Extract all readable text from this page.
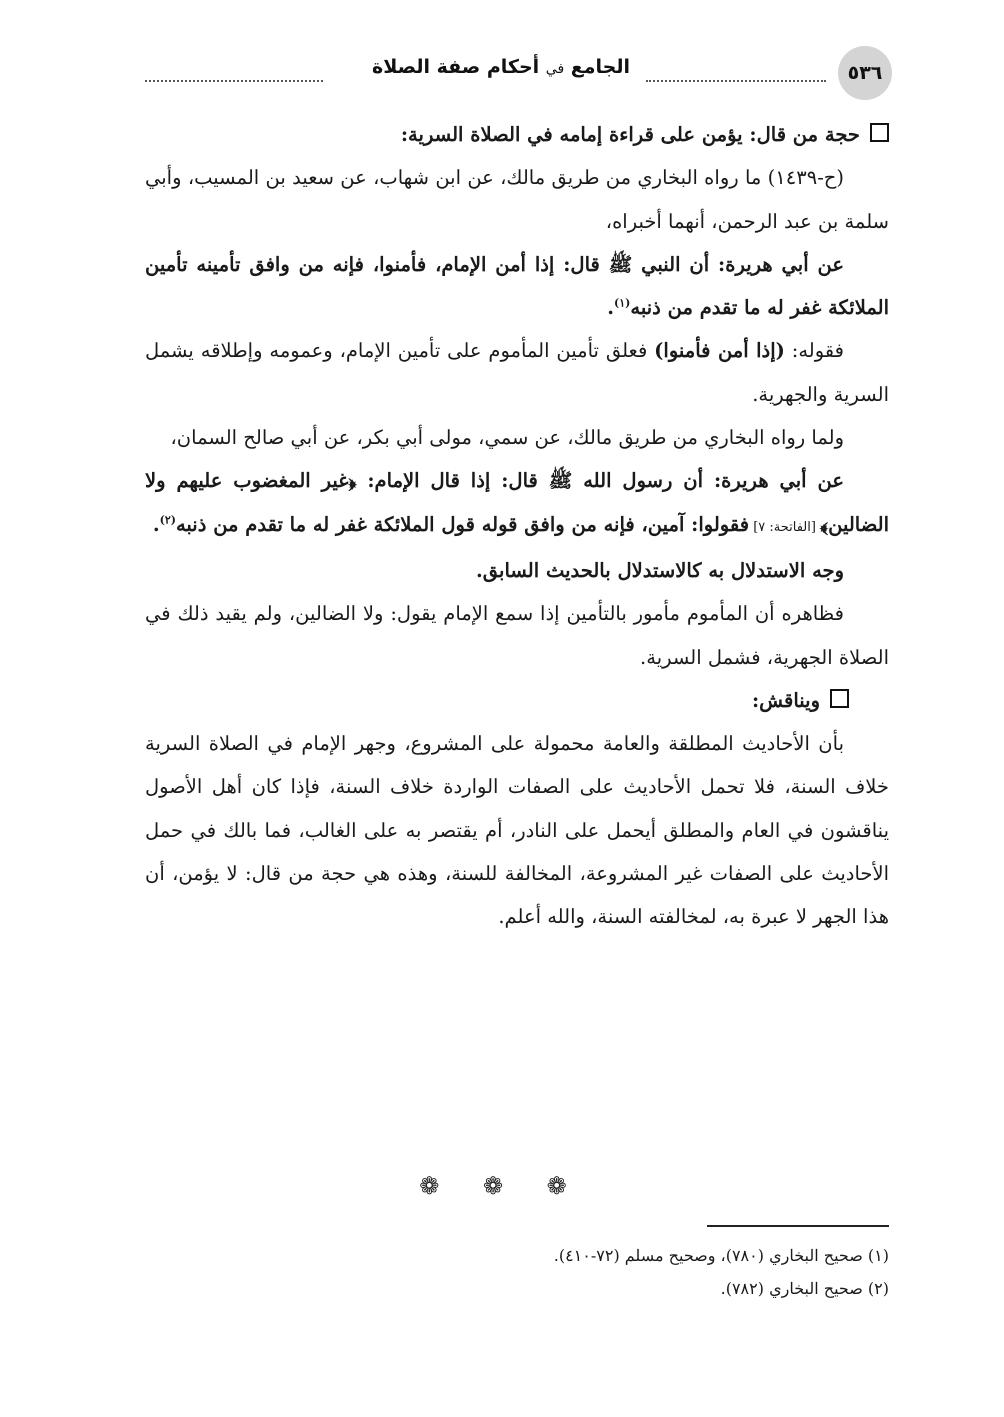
٥٣٦
الجامع ﻓﻲ أحكام صفة الصلاة

حجة من قال: يؤمن على قراءة إمامه في الصلاة السرية:

(ح-١٤٣٩) ما رواه البخاري من طريق مالك، عن ابن شهاب، عن سعيد بن المسيب، وأبي سلمة بن عبد الرحمن، أنهما أخبراه،

عن أبي هريرة: أن النبي ﷺ قال: إذا أمن الإمام، فأمنوا، فإنه من وافق تأمينه تأمين الملائكة غفر له ما تقدم من ذنبه$^{(١)}$.

فقوله: (إذا أمن فأمنوا) فعلق تأمين المأموم على تأمين الإمام، وعمومه وإطلاقه يشمل السرية والجهرية.

ولما رواه البخاري من طريق مالك، عن سمي، مولى أبي بكر، عن أبي صالح السمان،

عن أبي هريرة: أن رسول الله ﷺ قال: إذا قال الإمام: ﴿غير المغضوب عليهم ولا الضالين﴾ [الفاتحة: ٧] فقولوا: آمين، فإنه من وافق قوله قول الملائكة غفر له ما تقدم من ذنبه$^{(٢)}$.

وجه الاستدلال به كالاستدلال بالحديث السابق.

فظاهره أن المأموم مأمور بالتأمين إذا سمع الإمام يقول: ولا الضالين، ولم يقيد ذلك في الصلاة الجهرية، فشمل السرية.

ويناقش:

بأن الأحاديث المطلقة والعامة محمولة على المشروع، وجهر الإمام في الصلاة السرية خلاف السنة، فلا تحمل الأحاديث على الصفات الواردة خلاف السنة، فإذا كان أهل الأصول يناقشون في العام والمطلق أيحمل على النادر، أم يقتصر به على الغالب، فما بالك في حمل الأحاديث على الصفات غير المشروعة، المخالفة للسنة، وهذه هي حجة من قال: لا يؤمن، أن هذا الجهر لا عبرة به، لمخالفته السنة، والله أعلم.

❁ ❁ ❁

(١) صحيح البخاري (٧٨٠)، وصحيح مسلم (٧٢-٤١٠).

(٢) صحيح البخاري (٧٨٢).
